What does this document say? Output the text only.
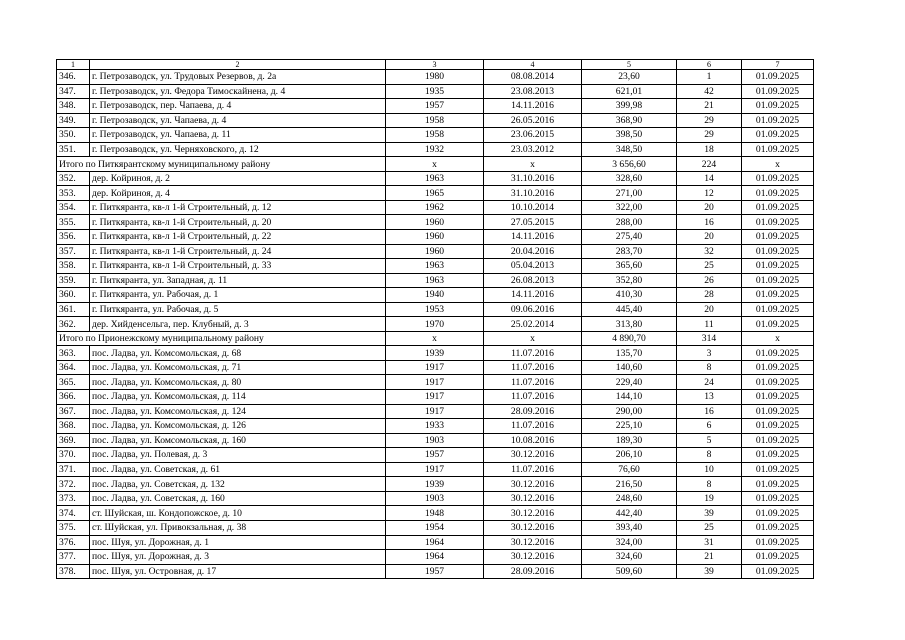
1	2	3	4	5	6	7
346.	г. Петрозаводск, ул. Трудовых Резервов, д. 2а	1980	08.08.2014	23,60	1	01.09.2025
347.	г. Петрозаводск, ул. Федора Тимоскайнена, д. 4	1935	23.08.2013	621,01	42	01.09.2025
348.	г. Петрозаводск, пер. Чапаева, д. 4	1957	14.11.2016	399,98	21	01.09.2025
349.	г. Петрозаводск, ул. Чапаева, д. 4	1958	26.05.2016	368,90	29	01.09.2025
350.	г. Петрозаводск, ул. Чапаева, д. 11	1958	23.06.2015	398,50	29	01.09.2025
351.	г. Петрозаводск, ул. Черняховского, д. 12	1932	23.03.2012	348,50	18	01.09.2025
Итого по Питкярантскому муниципальному району		х	х	3 656,60	224	х
352.	дер. Койриноя, д. 2	1963	31.10.2016	328,60	14	01.09.2025
353.	дер. Койриноя, д. 4	1965	31.10.2016	271,00	12	01.09.2025
354.	г. Питкяранта, кв-л 1-й Строительный, д. 12	1962	10.10.2014	322,00	20	01.09.2025
355.	г. Питкяранта, кв-л 1-й Строительный, д. 20	1960	27.05.2015	288,00	16	01.09.2025
356.	г. Питкяранта, кв-л 1-й Строительный, д. 22	1960	14.11.2016	275,40	20	01.09.2025
357.	г. Питкяранта, кв-л 1-й Строительный, д. 24	1960	20.04.2016	283,70	32	01.09.2025
358.	г. Питкяранта, кв-л 1-й Строительный, д. 33	1963	05.04.2013	365,60	25	01.09.2025
359.	г. Питкяранта, ул. Западная, д. 11	1963	26.08.2013	352,80	26	01.09.2025
360.	г. Питкяранта, ул. Рабочая, д. 1	1940	14.11.2016	410,30	28	01.09.2025
361.	г. Питкяранта, ул. Рабочая, д. 5	1953	09.06.2016	445,40	20	01.09.2025
362.	дер. Хийденсельга, пер. Клубный, д. 3	1970	25.02.2014	313,80	11	01.09.2025
Итого по Прионежскому муниципальному району		х	х	4 890,70	314	х
363.	пос. Ладва, ул. Комсомольская, д. 68	1939	11.07.2016	135,70	3	01.09.2025
364.	пос. Ладва, ул. Комсомольская, д. 71	1917	11.07.2016	140,60	8	01.09.2025
365.	пос. Ладва, ул. Комсомольская, д. 80	1917	11.07.2016	229,40	24	01.09.2025
366.	пос. Ладва, ул. Комсомольская, д. 114	1917	11.07.2016	144,10	13	01.09.2025
367.	пос. Ладва, ул. Комсомольская, д. 124	1917	28.09.2016	290,00	16	01.09.2025
368.	пос. Ладва, ул. Комсомольская, д. 126	1933	11.07.2016	225,10	6	01.09.2025
369.	пос. Ладва, ул. Комсомольская, д. 160	1903	10.08.2016	189,30	5	01.09.2025
370.	пос. Ладва, ул. Полевая, д. 3	1957	30.12.2016	206,10	8	01.09.2025
371.	пос. Ладва, ул. Советская, д. 61	1917	11.07.2016	76,60	10	01.09.2025
372.	пос. Ладва, ул. Советская, д. 132	1939	30.12.2016	216,50	8	01.09.2025
373.	пос. Ладва, ул. Советская, д. 160	1903	30.12.2016	248,60	19	01.09.2025
374.	ст. Шуйская, ш. Кондопожское, д. 10	1948	30.12.2016	442,40	39	01.09.2025
375.	ст. Шуйская, ул. Привокзальная, д. 38	1954	30.12.2016	393,40	25	01.09.2025
376.	пос. Шуя, ул. Дорожная, д. 1	1964	30.12.2016	324,00	31	01.09.2025
377.	пос. Шуя, ул. Дорожная, д. 3	1964	30.12.2016	324,60	21	01.09.2025
378.	пос. Шуя, ул. Островная, д. 17	1957	28.09.2016	509,60	39	01.09.2025
